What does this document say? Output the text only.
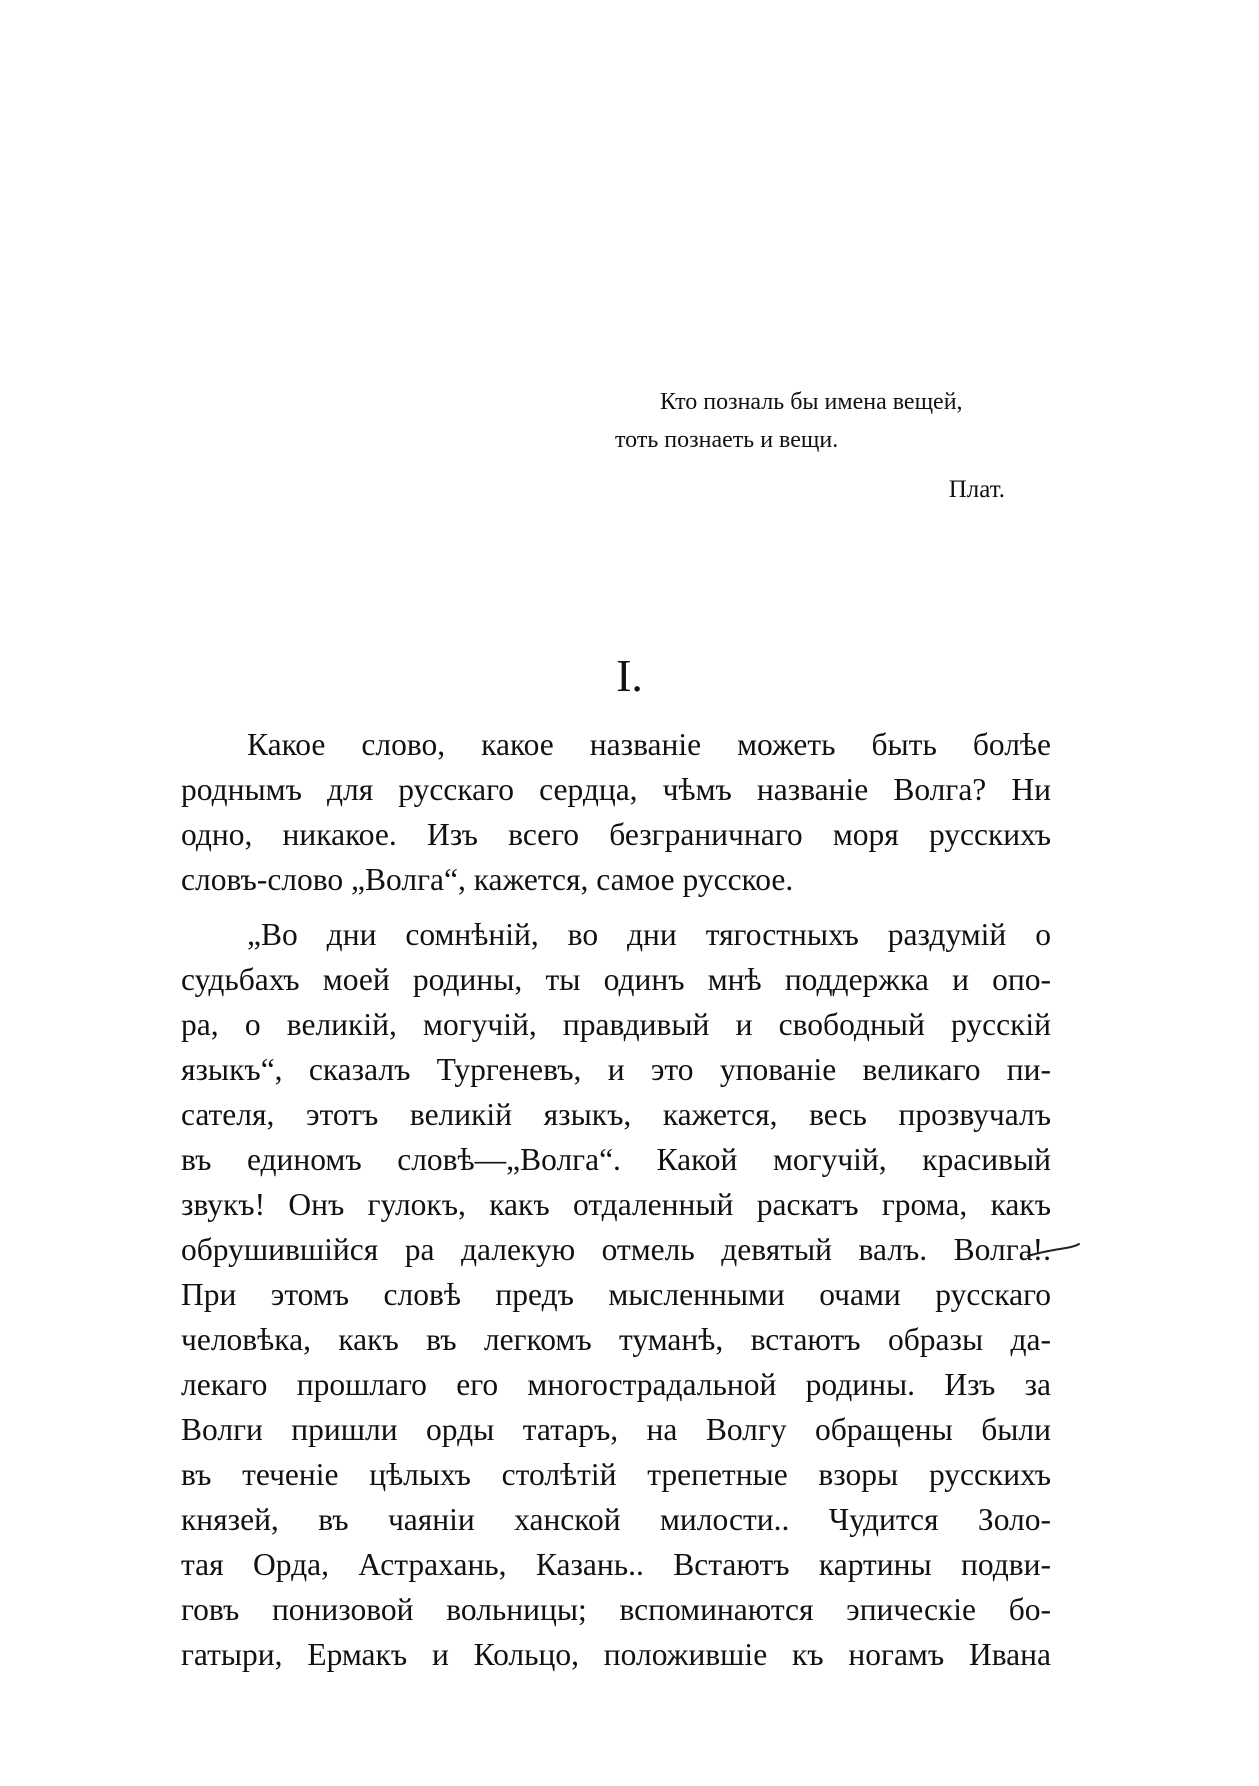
Кто позналь бы имена вещей,
тоть познаеть и вещи.
Плат.
I.

Какое слово, какое названіе можеть быть болѣе
роднымъ для русскаго сердца, чѣмъ названіе Волга? Ни
одно, никакое. Изъ всего безграничнаго моря русскихъ
словъ-слово „Волга“, кажется, самое русское.

„Во дни сомнѣній, во дни тягостныхъ раздумій о
судьбахъ моей родины, ты одинъ мнѣ поддержка и опо-
ра, о великій, могучій, правдивый и свободный русскій
языкъ“, сказалъ Тургеневъ, и это упованіе великаго пи-
сателя, этотъ великій языкъ, кажется, весь прозвучалъ
въ единомъ словѣ—„Волга“. Какой могучій, красивый
звукъ! Онъ гулокъ, какъ отдаленный раскатъ грома, какъ
обрушившійся ра далекую отмель девятый валъ. Волга!.
При этомъ словѣ предъ мысленными очами русскаго
человѣка, какъ въ легкомъ туманѣ, встаютъ образы да-
лекаго прошлаго его многострадальной родины. Изъ за
Волги пришли орды татаръ, на Волгу обращены были
въ теченіе цѣлыхъ столѣтій трепетные взоры русскихъ
князей, въ чаяніи ханской милости.. Чудится Золо-
тая Орда, Астрахань, Казань.. Встаютъ картины подви-
говъ понизовой вольницы; вспоминаются эпическіе бо-
гатыри, Ермакъ и Кольцо, положившіе къ ногамъ Ивана
